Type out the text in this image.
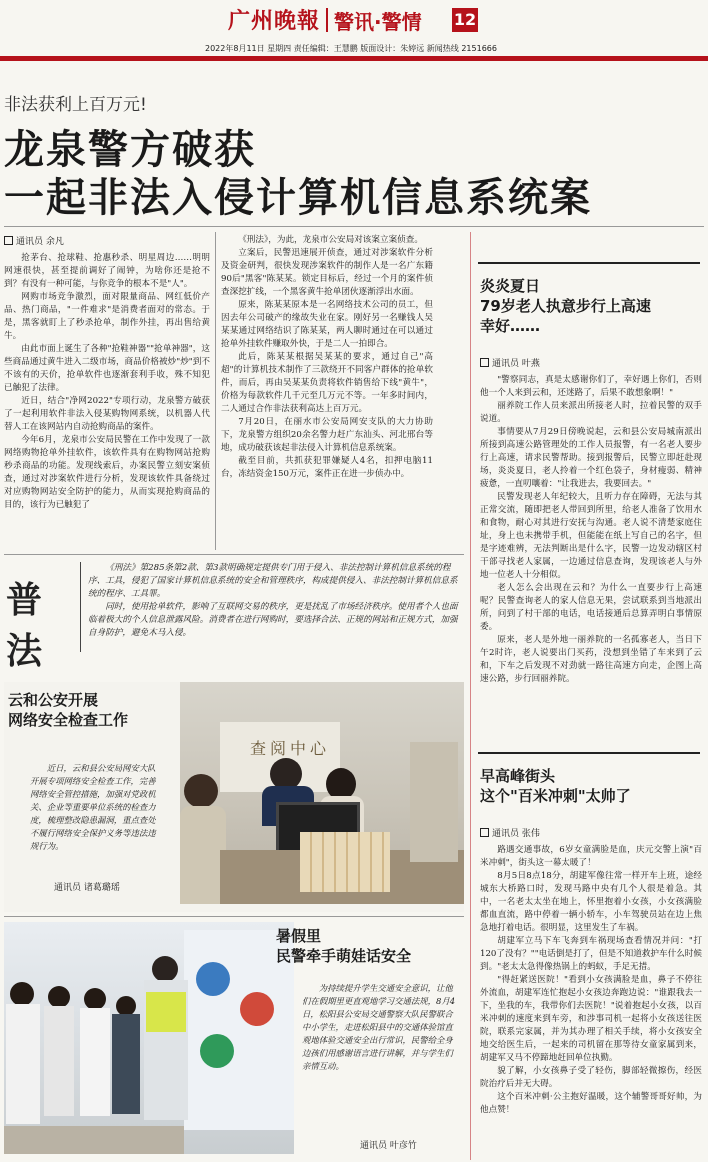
广州晚報 警讯·警情 12
2022年8月11日 星期四 责任编辑：王慧鹏 版面设计：朱婷远 新闻热线 2151666
非法获利上百万元!
龙泉警方破获
一起非法入侵计算机信息系统案
通讯员 余凡

抢茅台、抢球鞋、抢惠秒杀、明星周边……明明网速很快，甚至提前调好了闹钟，为啥你还是抢不到？有没有一种可能，与你竞争的根本不是"人"。

网购市场竞争激烈，面对限量商品、网红低价产品、热门商品，"一件难求"是消费者面对的常态。于是，黑客就盯上了秒杀抢单，制作外挂，再出售给黄牛。

由此市面上诞生了各种"抢鞋神器""抢单神器"，这些商品通过黄牛进入二级市场，商品价格被炒"炒"到不不该有的天价，抢单软件也逐渐套利手收，殊不知犯已触犯了法律。

近日，结合"净网2022"专项行动，龙泉警方破获了一起利用软件非法入侵某购物网系统，以机器人代替人工在该网站内自动抢购商品的案件。

今年6月，龙泉市公安局民警在工作中发现了一款网络购物抢单外挂软件，该软件具有在购物网站抢购秒杀商品的功能。发现线索后，办案民警立刻安案侦查，通过对涉案软件进行分析，发现该软件具备绕过对应购物网站安全防护的能力，从而实现抢购商品的目的，该行为已触犯了

《刑法》，为此，龙泉市公安局对该案立案侦查。

立案后，民警迅速展开侦查，通过对涉案软件分析及资金研判，很快发现涉案软件的制作人是一名广东籍90后"黑客"陈某某。锁定目标后，经过一个月的案件侦查深挖扩线，一个黑客黄牛抢单团伙逐渐浮出水面。

原来，陈某某原本是一名网络技术公司的员工，但因去年公司破产的缘故失业在家。刚好另一名赚钱人吴某某通过网络结识了陈某某，两人聊时通过在可以通过抢单外挂软件赚取外快，于是二人一拍即合。

此后，陈某某根据吴某某的要求，通过自己"高超"的计算机技术制作了三款绕开不同客户群体的抢单软件，而后，再由吴某某负责将软件销售给下线"黄牛"，价格为每款软件几千元至几万元不等。一年多时间内，二人通过合作非法获利高达上百万元。

7月20日，在丽水市公安局网安支队的大力协助下，龙泉警方组织20余名警力赶广东汕头、河北邢台等地，成功破获该起非法侵入计算机信息系统案。

截至目前，共抓获犯罪嫌疑人4名，扣押电脑11台，冻结资金150万元，案件正在进一步侦办中。

普法

《刑法》第285条第2款、第3款明确规定提供专门用于侵入、非法控制计算机信息系统的程序、工具，侵犯了国家计算机信息系统的安全和管理秩序，构成提供侵入、非法控制计算机信息系统的程序、工具罪。

同时，使用抢单软件，影响了互联网交易的秩序，更是扰乱了市场经济秩序。使用者个人也面临着极大的个人信息泄露风险。消费者在进行网购时，要选择合法、正规的网站和正规方式，加强自身防护，避免木马入侵。

炎炎夏日
79岁老人执意步行上高速
幸好……
通讯员 叶燕

"警察同志，真是太感谢你们了，幸好遇上你们，否则他一个人来到云和，还迷路了，后果不敢想象啊！"

丽养院工作人员来派出所接老人时，拉着民警的双手说道。

事情要从7月29日傍晚说起，云和县公安局城南派出所接到高速公路管理处的工作人员报警，有一名老人要步行上高速，请求民警帮助。接到报警后，民警立即赶赴现场，炎炎夏日，老人拎着一个红色袋子，身材瘦弱、精神疲惫，一直叨嚷着："让我进去，我要回去。"

民警发现老人年纪较大，且听力存在障碍，无法与其正常交流，随即把老人带回到所里，给老人准备了饮用水和食物，耐心对其进行安抚与沟通。老人说不清楚家庭住址，身上也未携带手机，但能能在纸上写自己的名字，但是字迹难辨，无法判断出是什么字，民警一边发动辖区村干部寻找老人家属，一边通过信息查询，发现该老人与外地一位老人十分相似。

老人怎么会出现在云和？为什么一直要步行上高速呢？民警查询老人的家人信息无果，尝试联系到当地派出所，问到了村干部的电话，电话接通后总算弄明白事情原委。

原来，老人是外地一丽养院的一名孤寡老人，当日下午2时许，老人说要出门买药，没想到坐错了车来到了云和，下车之后发现不对劲就一路往高速方向走，企图上高速公路，步行回丽养院。

早高峰街头
这个"百米冲刺"太帅了
通讯员 张伟

路遇交通事故，6岁女童满脸是血，庆元交警上演"百米冲刺"，街头这一幕太暖了！

8月5日8点18分，胡建军像往常一样开车上班，途经城东大桥路口时，发现马路中央有几个人很是着急。其中，一名老太太坐在地上，怀里抱着小女孩，小女孩满脸都血直流，路中停着一辆小轿车，小车驾驶员站在边上焦急地打着电话。很明显，这里发生了车祸。

胡建军立马下车飞奔到车祸现场查看情况并问："打120了没有？""电话倒是打了，但是不知道救护车什么时候到。"老太太急得像热锅上的蚂蚁，手足无措。

"得赶紧送医院！"看到小女孩满脸是血，鼻子不停往外流血，胡建军连忙抱起小女孩边奔跑边说："谁跟我去一下，坐我的车，我带你们去医院！"说着抱起小女孩，以百米冲刺的速度来到车旁，和涉事司机一起将小女孩送往医院，联系完家属，并为其办理了相关手续，将小女孩安全地交给医生后，一起来的司机留在那等待女童家属到来，胡建军又马不停蹄地赶回单位执勤。

貌了解，小女孩鼻子受了轻伤，脚部轻微擦伤，经医院治疗后并无大碍。

这个百米冲刺·公主抱好温暖，这个辅警哥哥好帅，为他点赞！

查阅中心
云和公安开展
网络安全检查工作
近日，云和县公安局网安大队开展专项网络安全检查工作，完善网络安全管控措施，加强对党政机关、企业等重要单位系统的检查力度，梳理整改隐患漏洞，重点查处不履行网络安全保护义务等违法违规行为。
通讯员 诸葛璐瑶
暑假里
民警牵手萌娃话安全
为持续提升学生交通安全意识，让他们在假期里更直观地学习交通法规，8月4日，松阳县公安局交通警察大队民警联合中小学生，走进松阳县中的交通体验馆直观地体验交通安全出行常识，民警给全身边孩们用感谢语言进行讲解，并与学生们亲情互动。
通讯员 叶彦竹
